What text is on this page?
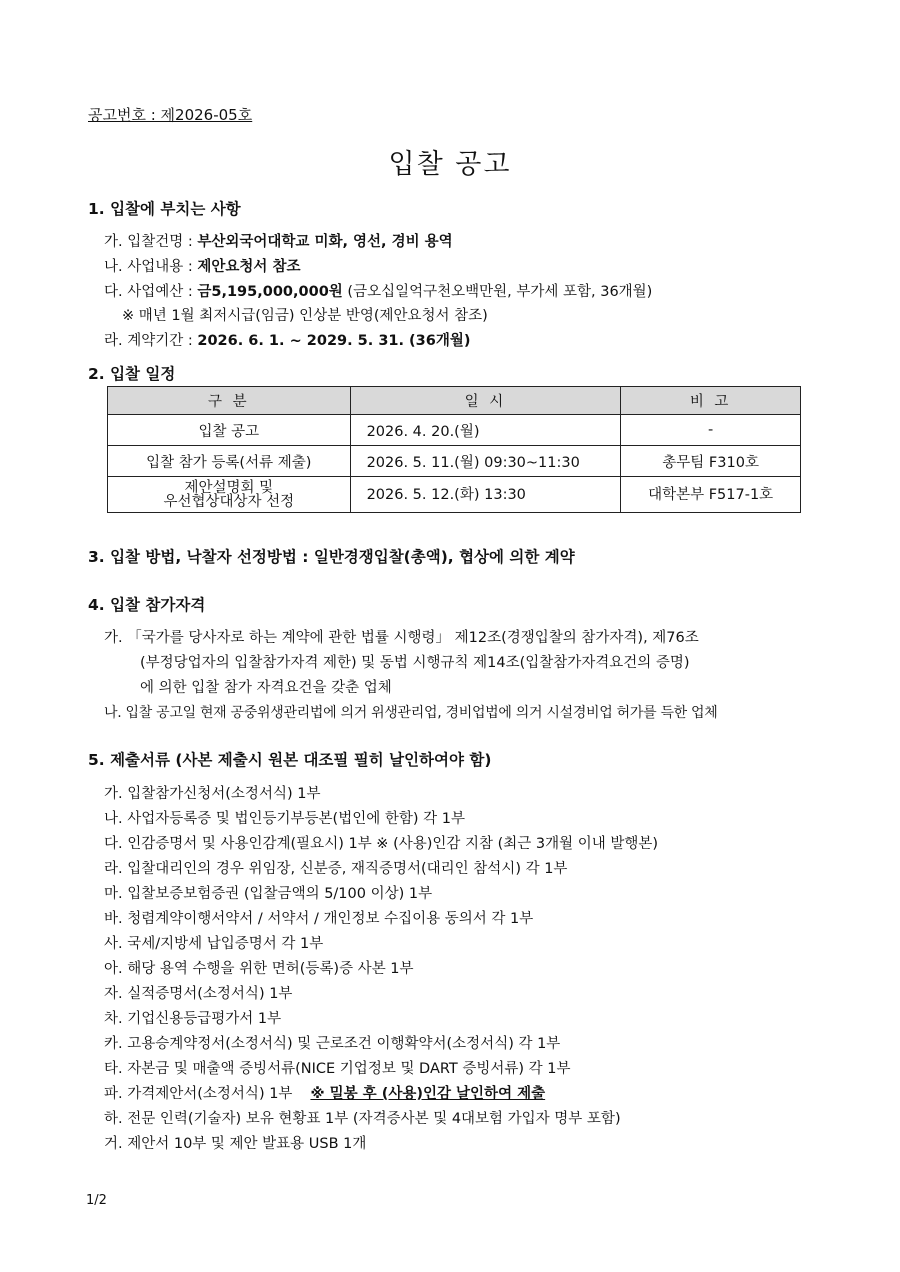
공고번호 : 제2026-05호
입찰 공고
1. 입찰에 부치는 사항
가. 입찰건명 : 부산외국어대학교 미화, 영선, 경비 용역
나. 사업내용 : 제안요청서 참조
다. 사업예산 : 금5,195,000,000원 (금오십일억구천오백만원, 부가세 포함, 36개월)
※ 매년 1월 최저시급(임금) 인상분 반영(제안요청서 참조)
라. 계약기간 : 2026. 6. 1. ~ 2029. 5. 31. (36개월)
2. 입찰 일정
구 분	일 시	비 고
입찰 공고	2026. 4. 20.(월)	-
입찰 참가 등록(서류 제출)	2026. 5. 11.(월) 09:30~11:30	총무팀 F310호
제안설명회 및
우선협상대상자 선정	2026. 5. 12.(화) 13:30	대학본부 F517-1호
3. 입찰 방법, 낙찰자 선정방법 : 일반경쟁입찰(총액), 협상에 의한 계약
4. 입찰 참가자격
가. 「국가를 당사자로 하는 계약에 관한 법률 시행령」 제12조(경쟁입찰의 참가자격), 제76조
(부정당업자의 입찰참가자격 제한) 및 동법 시행규칙 제14조(입찰참가자격요건의 증명)
에 의한 입찰 참가 자격요건을 갖춘 업체
나. 입찰 공고일 현재 공중위생관리법에 의거 위생관리업, 경비업법에 의거 시설경비업 허가를 득한 업체
5. 제출서류 (사본 제출시 원본 대조필 필히 날인하여야 함)
가. 입찰참가신청서(소정서식) 1부
나. 사업자등록증 및 법인등기부등본(법인에 한함) 각 1부
다. 인감증명서 및 사용인감계(필요시) 1부 ※ (사용)인감 지참 (최근 3개월 이내 발행본)
라. 입찰대리인의 경우 위임장, 신분증, 재직증명서(대리인 참석시) 각 1부
마. 입찰보증보험증권 (입찰금액의 5/100 이상) 1부
바. 청렴계약이행서약서 / 서약서 / 개인정보 수집이용 동의서 각 1부
사. 국세/지방세 납입증명서 각 1부
아. 해당 용역 수행을 위한 면허(등록)증 사본 1부
자. 실적증명서(소정서식) 1부
차. 기업신용등급평가서 1부
카. 고용승계약정서(소정서식) 및 근로조건 이행확약서(소정서식) 각 1부
타. 자본금 및 매출액 증빙서류(NICE 기업정보 및 DART 증빙서류) 각 1부
파. 가격제안서(소정서식) 1부 ※ 밀봉 후 (사용)인감 날인하여 제출
하. 전문 인력(기술자) 보유 현황표 1부 (자격증사본 및 4대보험 가입자 명부 포함)
거. 제안서 10부 및 제안 발표용 USB 1개
1/2
